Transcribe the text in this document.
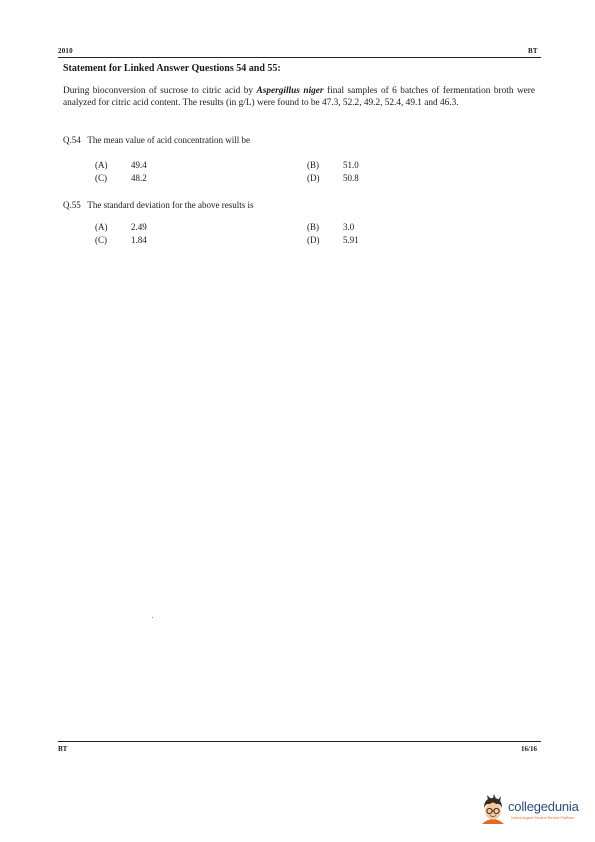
2010	BT
Statement for Linked Answer Questions 54 and 55:
During bioconversion of sucrose to citric acid by Aspergillus niger final samples of 6 batches of fermentation broth were analyzed for citric acid content. The results (in g/L) were found to be 47.3, 52.2, 49.2, 52.4, 49.1 and 46.3.
Q.54 The mean value of acid concentration will be
(A)	49.4	(B)	51.0
(C)	48.2	(D)	50.8
Q.55 The standard deviation for the above results is
(A)	2.49	(B)	3.0
(C)	1.84	(D)	5.91
BT	16/16
collegedunia
India's largest Student Review Platform
